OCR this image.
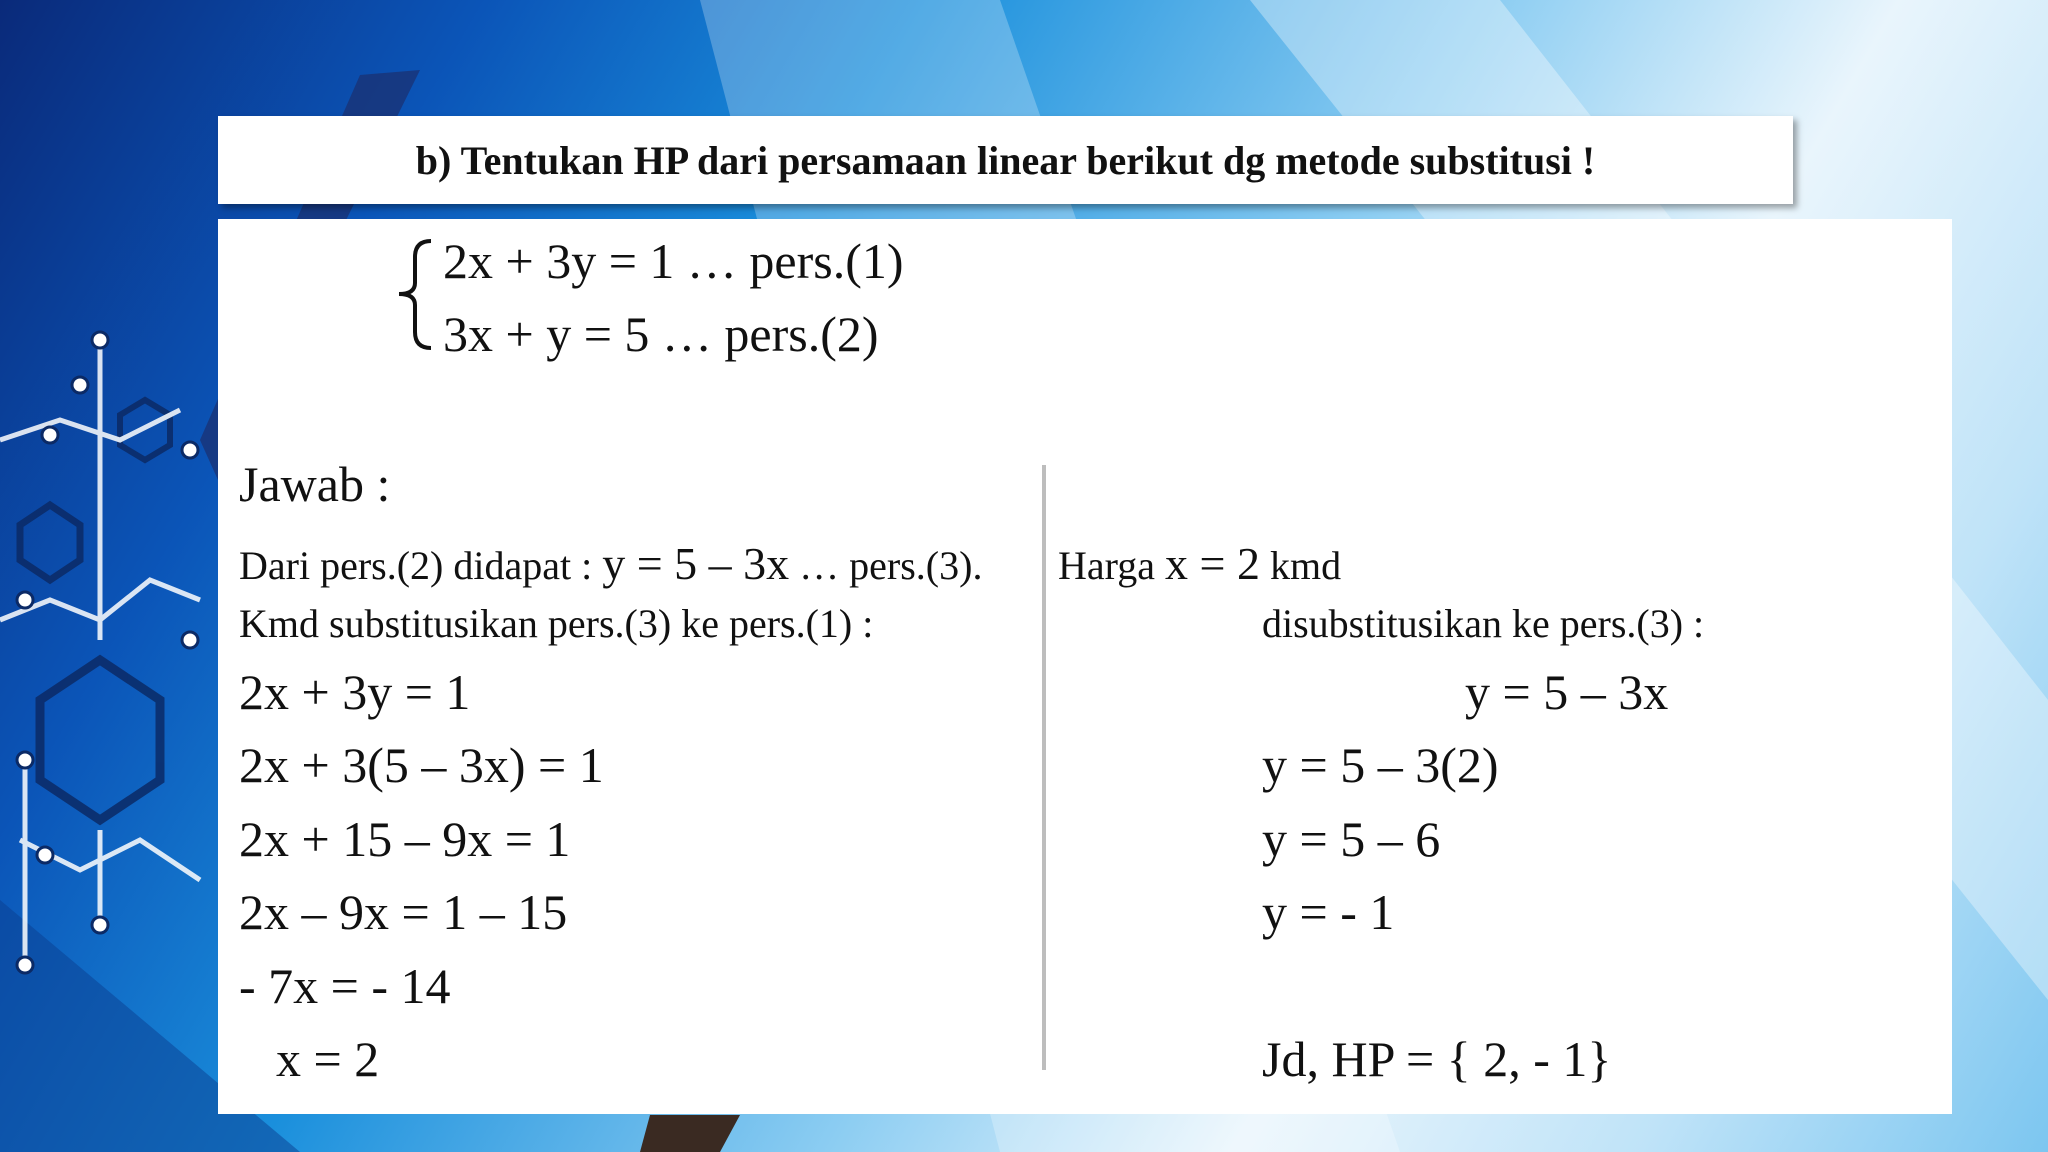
b) Tentukan HP dari persamaan linear berikut dg metode substitusi !
2x + 3y = 1 … pers.(1)
3x + y = 5 … pers.(2)
Jawab :
Dari pers.(2) didapat : y = 5 – 3x … pers.(3).
Kmd substitusikan pers.(3) ke pers.(1) :
2x + 3y = 1
2x + 3(5 – 3x) = 1
2x + 15 – 9x = 1
2x – 9x = 1 – 15
- 7x = - 14
x = 2
Harga x = 2 kmd
disubstitusikan ke pers.(3) :
y = 5 – 3x
y = 5 – 3(2)
y = 5 – 6
y = - 1
Jd, HP = { 2, - 1}
